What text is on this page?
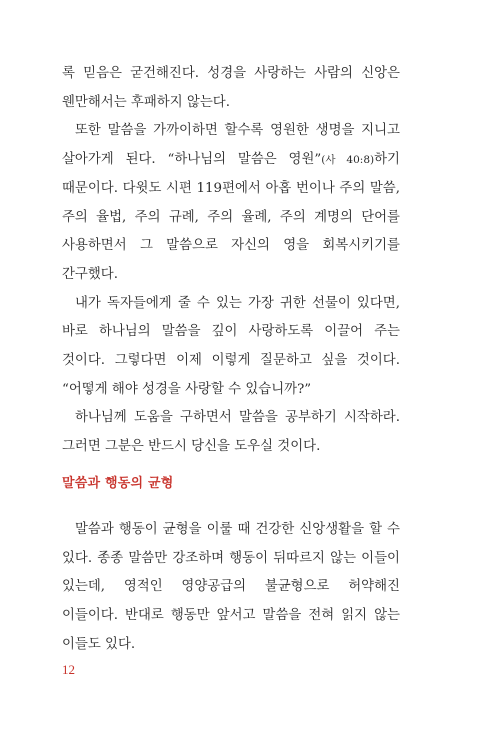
록 믿음은 굳건해진다. 성경을 사랑하는 사람의 신앙은 웬만해서는 후패하지 않는다.

또한 말씀을 가까이하면 할수록 영원한 생명을 지니고 살아가게 된다. “하나님의 말씀은 영원”(사 40:8)하기 때문이다. 다윗도 시편 119편에서 아홉 번이나 주의 말씀, 주의 율법, 주의 규례, 주의 율례, 주의 계명의 단어를 사용하면서 그 말씀으로 자신의 영을 회복시키기를 간구했다.

내가 독자들에게 줄 수 있는 가장 귀한 선물이 있다면, 바로 하나님의 말씀을 깊이 사랑하도록 이끌어 주는 것이다. 그렇다면 이제 이렇게 질문하고 싶을 것이다. “어떻게 해야 성경을 사랑할 수 있습니까?”

하나님께 도움을 구하면서 말씀을 공부하기 시작하라. 그러면 그분은 반드시 당신을 도우실 것이다.

말씀과 행동의 균형

말씀과 행동이 균형을 이룰 때 건강한 신앙생활을 할 수 있다. 종종 말씀만 강조하며 행동이 뒤따르지 않는 이들이 있는데, 영적인 영양공급의 불균형으로 허약해진 이들이다. 반대로 행동만 앞서고 말씀을 전혀 읽지 않는 이들도 있다.

12
